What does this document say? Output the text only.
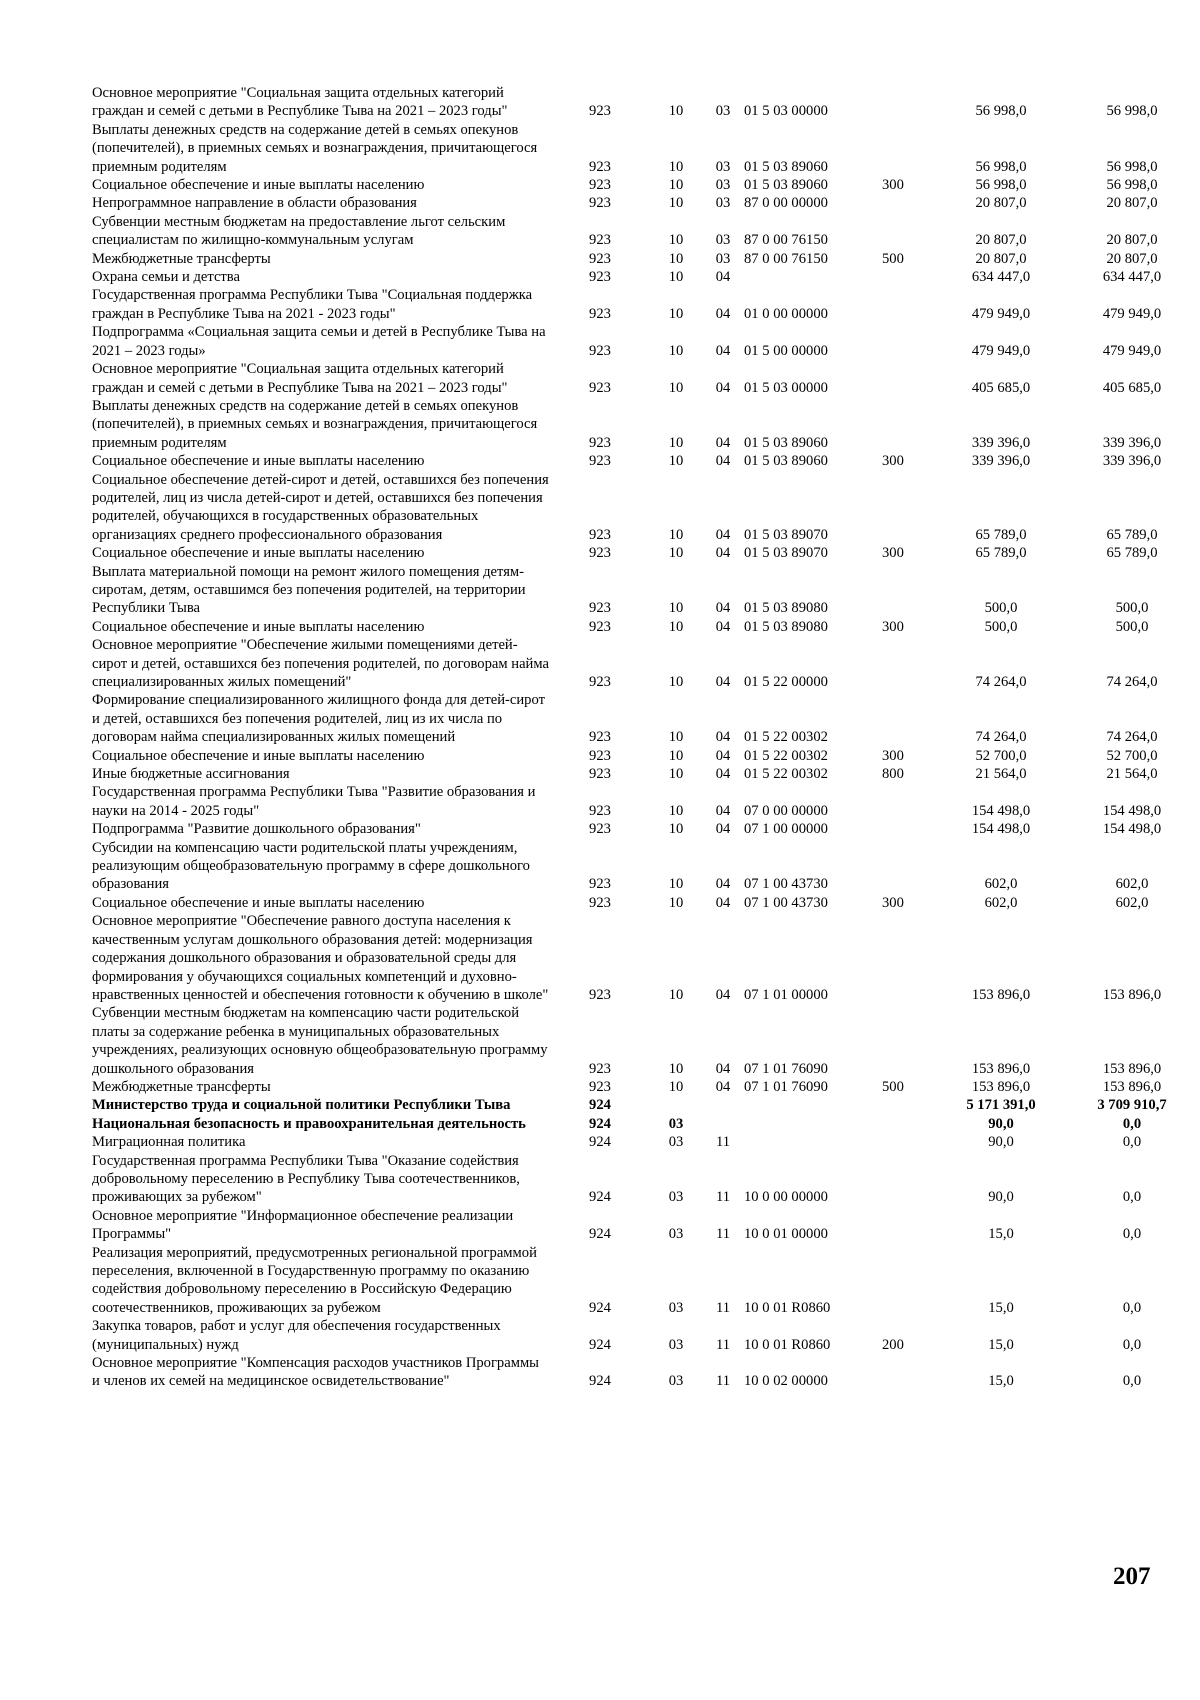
Основное мероприятие "Социальная защита отдельных категорий граждан и семей с детьми в Республике Тыва на 2021 – 2023 годы"	923	10	03	01 5 03 00000		56 998,0	56 998,0
Выплаты денежных средств на содержание детей в семьях опекунов (попечителей), в приемных семьях и вознаграждения, причитающегося приемным родителям	923	10	03	01 5 03 89060		56 998,0	56 998,0
Социальное обеспечение и иные выплаты населению	923	10	03	01 5 03 89060	300	56 998,0	56 998,0
Непрограммное направление в области образования	923	10	03	87 0 00 00000		20 807,0	20 807,0
Субвенции местным бюджетам на предоставление льгот сельским специалистам по жилищно-коммунальным услугам	923	10	03	87 0 00 76150		20 807,0	20 807,0
Межбюджетные трансферты	923	10	03	87 0 00 76150	500	20 807,0	20 807,0
Охрана семьи и детства	923	10	04			634 447,0	634 447,0
Государственная программа Республики Тыва "Социальная поддержка граждан в Республике Тыва на 2021 - 2023 годы"	923	10	04	01 0 00 00000		479 949,0	479 949,0
Подпрограмма «Социальная защита семьи и детей в Республике Тыва на 2021 – 2023 годы»	923	10	04	01 5 00 00000		479 949,0	479 949,0
Основное мероприятие "Социальная защита отдельных категорий граждан и семей с детьми в Республике Тыва на 2021 – 2023 годы"	923	10	04	01 5 03 00000		405 685,0	405 685,0
Выплаты денежных средств на содержание детей в семьях опекунов (попечителей), в приемных семьях и вознаграждения, причитающегося приемным родителям	923	10	04	01 5 03 89060		339 396,0	339 396,0
Социальное обеспечение и иные выплаты населению	923	10	04	01 5 03 89060	300	339 396,0	339 396,0
Социальное обеспечение детей-сирот и детей, оставшихся без попечения родителей, лиц из числа детей-сирот и детей, оставшихся без попечения родителей, обучающихся в государственных образовательных организациях среднего профессионального образования	923	10	04	01 5 03 89070		65 789,0	65 789,0
Социальное обеспечение и иные выплаты населению	923	10	04	01 5 03 89070	300	65 789,0	65 789,0
Выплата материальной помощи на ремонт жилого помещения детям-сиротам, детям, оставшимся без попечения родителей, на территории Республики Тыва	923	10	04	01 5 03 89080		500,0	500,0
Социальное обеспечение и иные выплаты населению	923	10	04	01 5 03 89080	300	500,0	500,0
Основное мероприятие "Обеспечение жилыми помещениями детей-сирот и детей, оставшихся без попечения родителей, по договорам найма специализированных жилых помещений"	923	10	04	01 5 22 00000		74 264,0	74 264,0
Формирование специализированного жилищного фонда для детей-сирот и детей, оставшихся без попечения родителей, лиц из их числа по договорам найма специализированных жилых помещений	923	10	04	01 5 22 00302		74 264,0	74 264,0
Социальное обеспечение и иные выплаты населению	923	10	04	01 5 22 00302	300	52 700,0	52 700,0
Иные бюджетные ассигнования	923	10	04	01 5 22 00302	800	21 564,0	21 564,0
Государственная программа Республики Тыва "Развитие образования и науки на 2014 - 2025 годы"	923	10	04	07 0 00 00000		154 498,0	154 498,0
Подпрограмма "Развитие дошкольного образования"	923	10	04	07 1 00 00000		154 498,0	154 498,0
Субсидии на компенсацию части родительской платы учреждениям, реализующим общеобразовательную программу в сфере дошкольного образования	923	10	04	07 1 00 43730		602,0	602,0
Социальное обеспечение и иные выплаты населению	923	10	04	07 1 00 43730	300	602,0	602,0
Основное мероприятие "Обеспечение равного доступа населения к качественным услугам дошкольного образования детей: модернизация содержания дошкольного образования и образовательной среды для формирования у обучающихся социальных компетенций и духовно-нравственных ценностей и обеспечения готовности к обучению в школе"	923	10	04	07 1 01 00000		153 896,0	153 896,0
Субвенции местным бюджетам на компенсацию части родительской платы за содержание ребенка в муниципальных образовательных учреждениях, реализующих основную общеобразовательную программу дошкольного образования	923	10	04	07 1 01 76090		153 896,0	153 896,0
Межбюджетные трансферты	923	10	04	07 1 01 76090	500	153 896,0	153 896,0
Министерство труда и социальной политики Республики Тыва	924					5 171 391,0	3 709 910,7
Национальная безопасность и правоохранительная деятельность	924	03				90,0	0,0
Миграционная политика	924	03	11			90,0	0,0
Государственная программа Республики Тыва "Оказание содействия добровольному переселению в Республику Тыва соотечественников, проживающих за рубежом"	924	03	11	10 0 00 00000		90,0	0,0
Основное мероприятие "Информационное обеспечение реализации Программы"	924	03	11	10 0 01 00000		15,0	0,0
Реализация мероприятий, предусмотренных региональной программой переселения, включенной в Государственную программу по оказанию содействия добровольному переселению в Российскую Федерацию соотечественников, проживающих за рубежом	924	03	11	10 0 01 R0860		15,0	0,0
Закупка товаров, работ и услуг для обеспечения государственных (муниципальных) нужд	924	03	11	10 0 01 R0860	200	15,0	0,0
Основное мероприятие "Компенсация расходов участников Программы и членов их семей на медицинское освидетельствование"	924	03	11	10 0 02 00000		15,0	0,0
207
